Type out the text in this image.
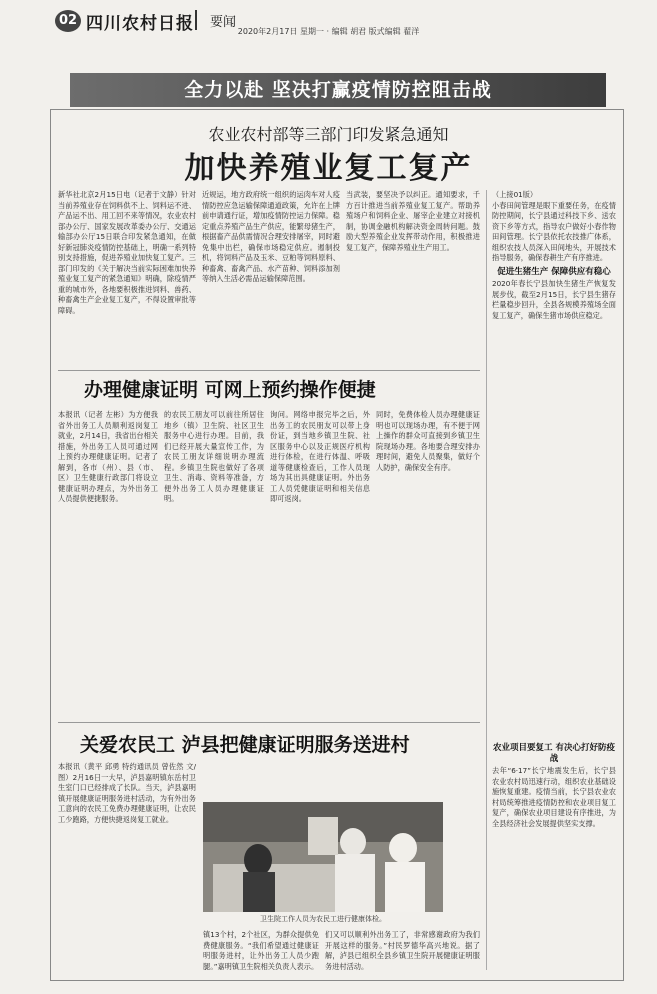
02 四川农村日报 要闻
2020年2月17日 星期一 · 编辑 胡君 版式编辑 翟洋
全力以赴 坚决打赢疫情防控阻击战
农业农村部等三部门印发紧急通知
加快养殖业复工复产

新华社北京2月15日电（记者于文静）针对当前养殖业存在饲料供不上、饲料运不进、产品运不出、用工回不来等情况，农业农村部办公厅、国家发展改革委办公厅、交通运输部办公厅15日联合印发紧急通知，在做好新冠肺炎疫情防控基础上，明确一系列特别支持措施，促进养殖业加快复工复产。三部门印发的《关于解决当前实际困难加快养殖业复工复产的紧急通知》明确，除疫情严重的城市外，各地要积极推进饲料、兽药、种畜禽生产企业复工复产，不得设置审批等障碍。

近规运，地方政府统一组织的运肉车对人疫情防控应急运输保障通道政策，允许在上牌前申请通行证，增加疫情防控运力保障。稳定重点养殖产品生产供应，能繁母猪生产，根据畜产品供需情况合理安排屠宰，同时避免集中出栏，确保市场稳定供应。遏制投机，将饲料产品及玉米、豆粕等饲料原料、种畜禽、畜禽产品、水产苗种、饲料添加剂等纳入生活必需品运输保障范围。

当武装，要坚决予以纠正。通知要求，千方百计推进当前养殖业复工复产。帮助养殖场户和饲料企业、屠宰企业建立对接机制，协调金融机构解决资金周转问题。鼓励大型养殖企业发挥带动作用，积极推进复工复产，保障养殖业生产用工。

（上接01版）

小春田间管理是眼下重要任务，在疫情防控期间，长宁县通过科技下乡、送农资下乡等方式，指导农户做好小春作物田间管理。长宁县依托农技推广体系，组织农技人员深入田间地头，开展技术指导服务，确保春耕生产有序推进。

促进生猪生产 保障供应有稳心

2020年春长宁县加快生猪生产恢复发展步伐，截至2月15日，长宁县生猪存栏量稳步回升，全县各规模养殖场全面复工复产，确保生猪市场供应稳定。

办理健康证明 可网上预约操作便捷

本报讯（记者 左彬）为方便我省外出务工人员顺利返岗复工就业，2月14日，我省出台相关措施，外出务工人员可通过网上预约办理健康证明。记者了解到，各市（州）、县（市、区）卫生健康行政部门将设立健康证明办理点，为外出务工人员提供便捷服务。

的农民工朋友可以前往所居住地乡（镇）卫生院、社区卫生服务中心进行办理。目前，我们已经开展大量宣传工作，为农民工朋友详细说明办理流程。乡镇卫生院也做好了各项卫生、消毒、资料等准备，方便外出务工人员办理健康证明。

询问。网络申报完毕之后，外出务工的农民朋友可以带上身份证，到当地乡镇卫生院、社区服务中心以及正规医疗机构进行体检，在进行体温、呼吸道等健康检查后，工作人员现场为其出具健康证明。外出务工人员凭健康证明和相关信息即可返岗。

同时，免费体检人员办理健康证明也可以现场办理，有不便于网上操作的群众可直接到乡镇卫生院现场办理。各地要合理安排办理时间，避免人员聚集，做好个人防护，确保安全有序。

关爱农民工 泸县把健康证明服务送进村

本报讯（黄平 邱勇 特约通讯员 曾佐然 文/图）2月16日一大早，泸县嘉明镇东岳村卫生室门口已经排成了长队。当天，泸县嘉明镇开展健康证明服务进村活动，为有外出务工意向的农民工免费办理健康证明，让农民工少跑路，方便快捷返岗复工就业。

卫生院工作人员为农民工进行健康体检。

镇13个村，2个社区，为群众提供免费健康服务。“我们希望通过健康证明服务进村，让外出务工人员少跑腿。”嘉明镇卫生院相关负责人表示。

们又可以顺利外出务工了，非常感谢政府为我们开展这样的服务。”村民罗德华高兴地说。据了解，泸县已组织全县乡镇卫生院开展健康证明服务进村活动。

农业项目要复工 有决心打好防疫战

去年“6·17”长宁地震发生后，长宁县农业农村局迅速行动，组织农业基础设施恢复重建。疫情当前，长宁县农业农村局统筹推进疫情防控和农业项目复工复产，确保农业项目建设有序推进，为全县经济社会发展提供坚实支撑。
